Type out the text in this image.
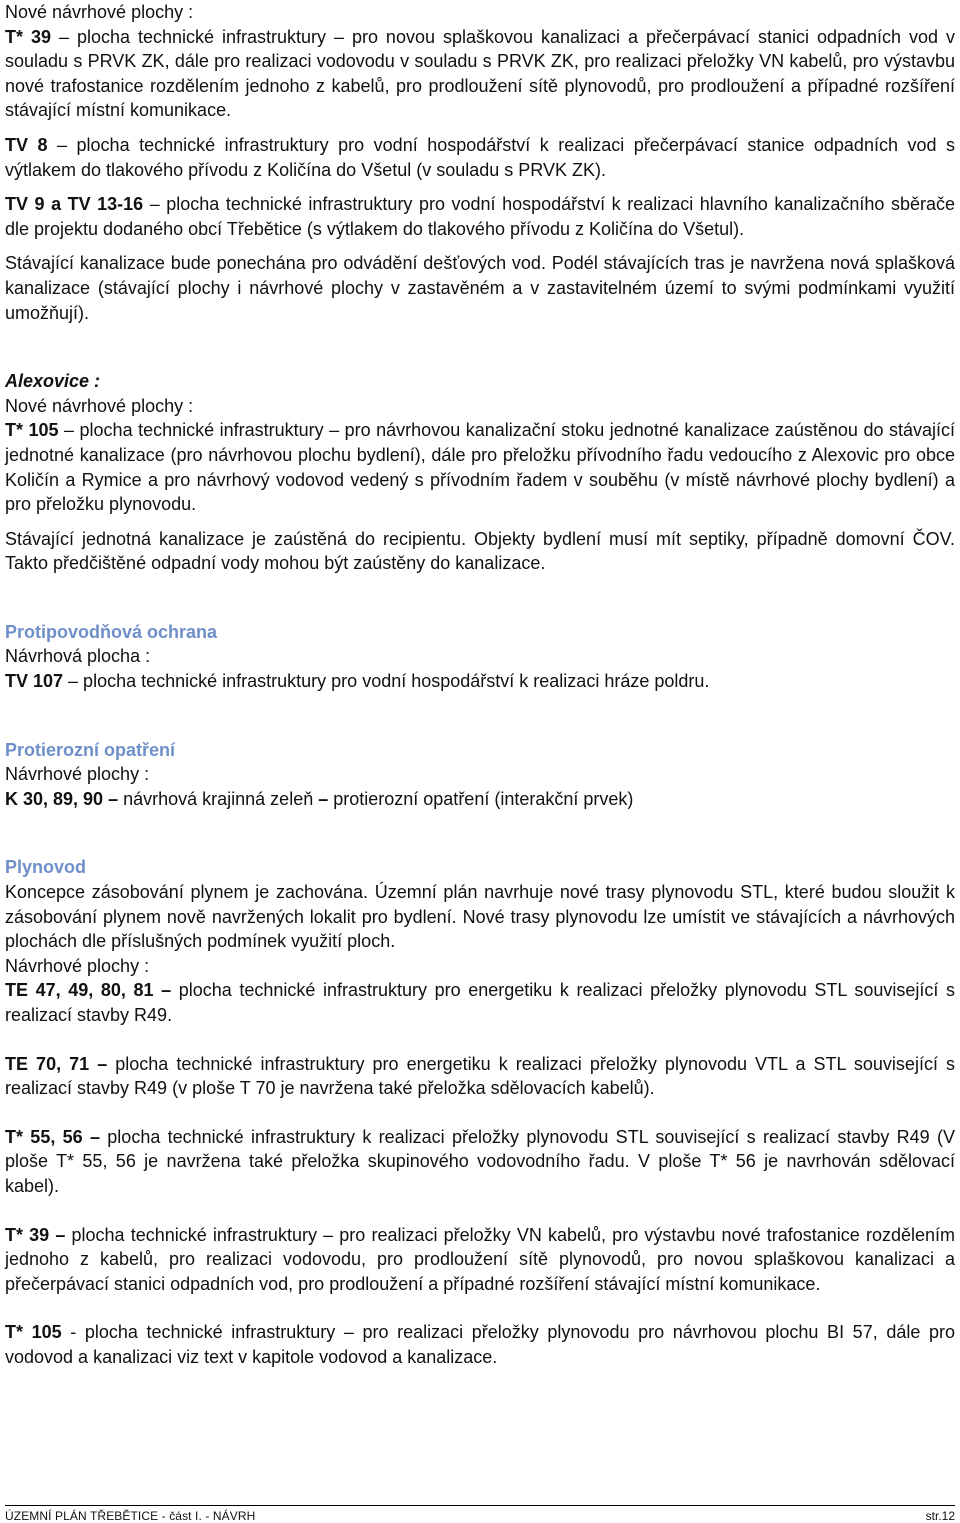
Nové návrhové plochy :

T* 39 – plocha technické infrastruktury – pro novou splaškovou kanalizaci a přečerpávací stanici odpadních vod v souladu s PRVK ZK, dále pro realizaci vodovodu v souladu s PRVK ZK, pro realizaci přeložky VN kabelů, pro výstavbu nové trafostanice rozdělením jednoho z kabelů, pro prodloužení sítě plynovodů, pro prodloužení a případné rozšíření stávající místní komunikace.

TV 8 – plocha technické infrastruktury pro vodní hospodářství k realizaci přečerpávací stanice odpadních vod s výtlakem do tlakového přívodu z Količína do Všetul (v souladu s PRVK ZK).

TV 9 a TV 13-16 – plocha technické infrastruktury pro vodní hospodářství k realizaci hlavního kanalizačního sběrače dle projektu dodaného obcí Třebětice (s výtlakem do tlakového přívodu z Količína do Všetul).

Stávající kanalizace bude ponechána pro odvádění dešťových vod. Podél stávajících tras je navržena nová splašková kanalizace (stávající plochy i návrhové plochy v zastavěném a v zastavitelném území to svými podmínkami využití umožňují).

Alexovice :

Nové návrhové plochy :

T* 105 – plocha technické infrastruktury – pro návrhovou kanalizační stoku jednotné kanalizace zaústěnou do stávající jednotné kanalizace (pro návrhovou plochu bydlení), dále pro přeložku přívodního řadu vedoucího z Alexovic pro obce Količín a Rymice a pro návrhový vodovod vedený s přívodním řadem v souběhu (v místě návrhové plochy bydlení) a pro přeložku plynovodu.

Stávající jednotná kanalizace je zaústěná do recipientu. Objekty bydlení musí mít septiky, případně domovní ČOV. Takto předčištěné odpadní vody mohou být zaústěny do kanalizace.

Protipovodňová ochrana

Návrhová plocha :

TV 107 – plocha technické infrastruktury pro vodní hospodářství k realizaci hráze poldru.

Protierozní opatření

Návrhové plochy :

K 30, 89, 90 – návrhová krajinná zeleň – protierozní opatření (interakční prvek)

Plynovod

Koncepce zásobování plynem je zachována. Územní plán navrhuje nové trasy plynovodu STL, které budou sloužit k zásobování plynem nově navržených lokalit pro bydlení. Nové trasy plynovodu lze umístit ve stávajících a návrhových plochách dle příslušných podmínek využití ploch.

Návrhové plochy :

TE 47, 49, 80, 81 – plocha technické infrastruktury pro energetiku k realizaci přeložky plynovodu STL související s realizací stavby R49.

TE 70, 71 – plocha technické infrastruktury pro energetiku k realizaci přeložky plynovodu VTL a STL související s realizací stavby R49 (v ploše T 70 je navržena také přeložka sdělovacích kabelů).

T* 55, 56 – plocha technické infrastruktury k realizaci přeložky plynovodu STL související s realizací stavby R49 (V ploše T* 55, 56 je navržena také přeložka skupinového vodovodního řadu. V ploše T* 56 je navrhován sdělovací kabel).

T* 39 – plocha technické infrastruktury – pro realizaci přeložky VN kabelů, pro výstavbu nové trafostanice rozdělením jednoho z kabelů, pro realizaci vodovodu, pro prodloužení sítě plynovodů, pro novou splaškovou kanalizaci a přečerpávací stanici odpadních vod, pro prodloužení a případné rozšíření stávající místní komunikace.

T* 105 - plocha technické infrastruktury – pro realizaci přeložky plynovodu pro návrhovou plochu BI 57, dále pro vodovod a kanalizaci viz text v kapitole vodovod a kanalizace.

ÚZEMNÍ PLÁN TŘEBĚTICE - část I. - NÁVRH	str.12
